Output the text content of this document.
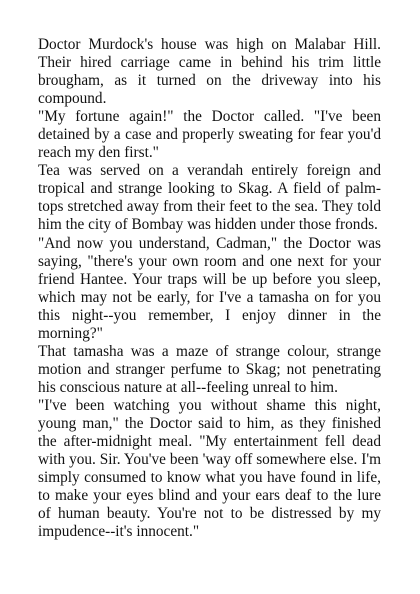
Doctor Murdock's house was high on Malabar Hill. Their hired carriage came in behind his trim little brougham, as it turned on the driveway into his compound.

"My fortune again!" the Doctor called. "I've been detained by a case and properly sweating for fear you'd reach my den first."

Tea was served on a verandah entirely foreign and tropical and strange looking to Skag. A field of palm-tops stretched away from their feet to the sea. They told him the city of Bombay was hidden under those fronds.

"And now you understand, Cadman," the Doctor was saying, "there's your own room and one next for your friend Hantee. Your traps will be up before you sleep, which may not be early, for I've a tamasha on for you this night--you remember, I enjoy dinner in the morning?"

That tamasha was a maze of strange colour, strange motion and stranger perfume to Skag; not penetrating his conscious nature at all--feeling unreal to him.

"I've been watching you without shame this night, young man," the Doctor said to him, as they finished the after-midnight meal. "My entertainment fell dead with you. Sir. You've been 'way off somewhere else. I'm simply consumed to know what you have found in life, to make your eyes blind and your ears deaf to the lure of human beauty. You're not to be distressed by my impudence--it's innocent."
